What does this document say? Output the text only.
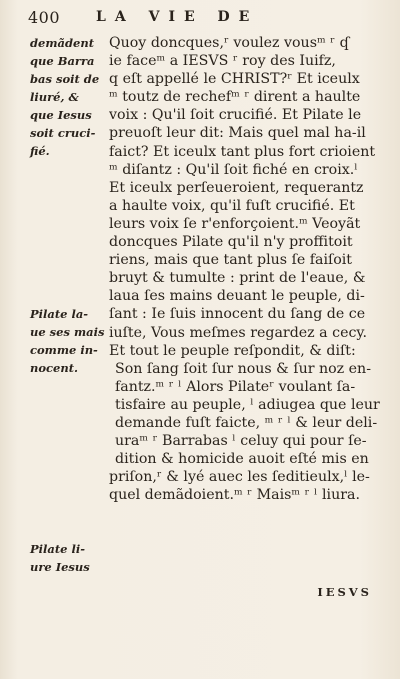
400	LA VIE DE
demãdent
que Barra
bas soit de
liuré, &
que Iesus
soit cruci-
fié.
Pilate la-
ue ses mais
comme in-
nocent.
Pilate li-
ure Iesus
Quoy doncques,ʳ voulez vousᵐ ʳ ʠ
ie faceᵐ a IESVS ʳ roy des Iuifz,
q eſt appellé le CHRIST?ʳ Et iceulx
ᵐ toutz de rechefᵐ ʳ dirent a haulte
voix : Qu'il ſoit crucifié. Et Pilate le
preuoſt leur dit: Mais quel mal ha-il
faict? Et iceulx tant plus fort crioient
ᵐ diſantz : Qu'il ſoit fiché en croix.ˡ
Et iceulx perſeueroient, requerantz
a haulte voix, qu'il fuſt crucifié. Et
leurs voix ſe r'enforçoient.ᵐ Veoyãt
doncques Pilate qu'il n'y proffitoit
riens, mais que tant plus ſe faiſoit
bruyt & tumulte : print de l'eaue, &
laua ſes mains deuant le peuple, di-
ſant : Ie ſuis innocent du ſang de ce
iuſte, Vous meſmes regardez a cecy.
Et tout le peuple reſpondit, & diſt:
Son ſang ſoit ſur nous & ſur noz en-
fantz.ᵐ ʳ ˡ Alors Pilateʳ voulant ſa-
tisfaire au peuple, ˡ adiugea que leur
demande fuſt faicte, ᵐ ʳ ˡ & leur deli-
uraᵐ ʳ Barrabas ˡ celuy qui pour ſe-
dition & homicide auoit eſté mis en
priſon,ʳ & lyé auec les ſeditieulx,ˡ le-
quel demãdoient.ᵐ ʳ Maisᵐ ʳ ˡ liura.
IESVS
